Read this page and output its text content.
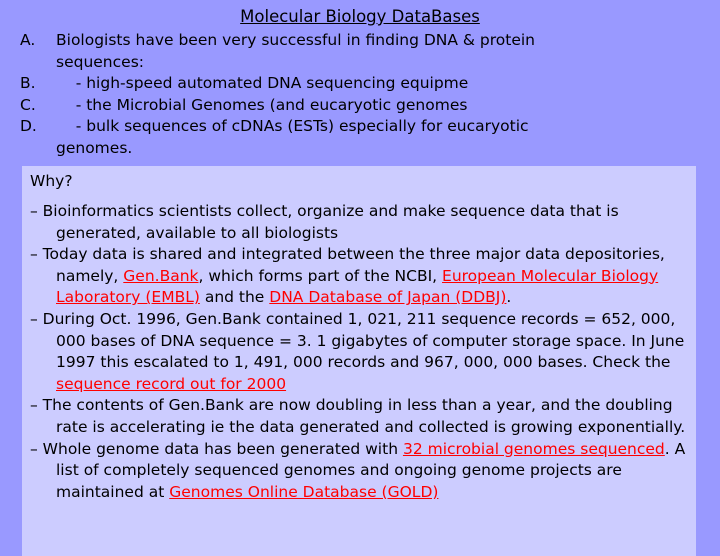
Molecular Biology DataBases
A.	Biologists have been very successful in finding DNA & protein
sequences:
B.	- high-speed automated DNA sequencing equipme
C.	- the Microbial Genomes (and eucaryotic genomes
D.	- bulk sequences of cDNAs (ESTs) especially for eucaryotic
genomes.
Why?

– Bioinformatics scientists collect, organize and make sequence data that is generated, available to all biologists

– Today data is shared and integrated between the three major data depositories, namely, Gen.Bank, which forms part of the NCBI, European Molecular Biology Laboratory (EMBL) and the DNA Database of Japan (DDBJ).

– During Oct. 1996, Gen.Bank contained 1, 021, 211 sequence records = 652, 000, 000 bases of DNA sequence = 3. 1 gigabytes of computer storage space. In June 1997 this escalated to 1, 491, 000 records and 967, 000, 000 bases. Check the sequence record out for 2000

– The contents of Gen.Bank are now doubling in less than a year, and the doubling rate is accelerating ie the data generated and collected is growing exponentially.

– Whole genome data has been generated with 32 microbial genomes sequenced. A list of completely sequenced genomes and ongoing genome projects are maintained at Genomes Online Database (GOLD)
